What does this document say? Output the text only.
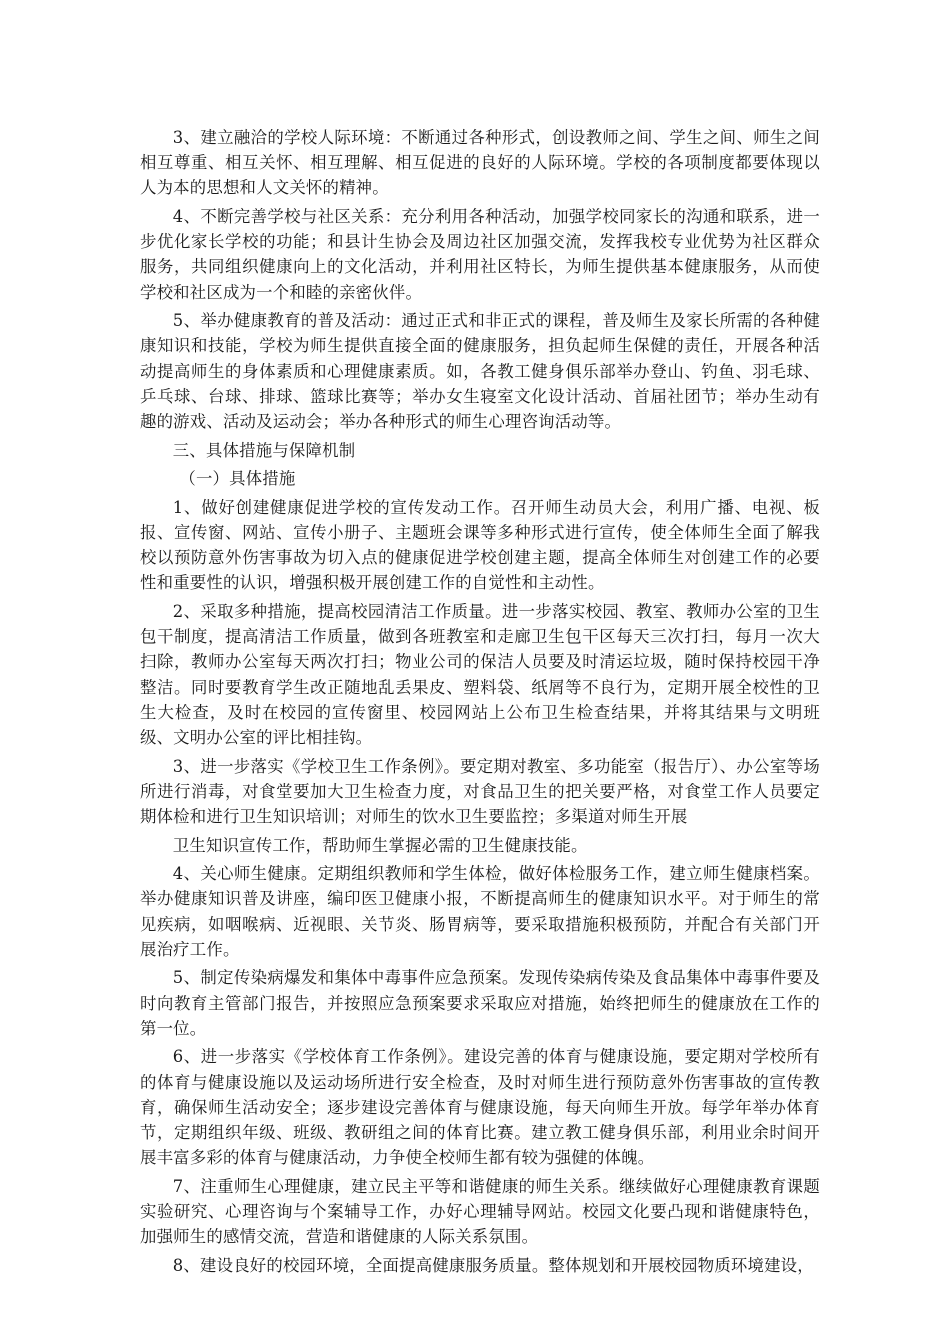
3、建立融洽的学校人际环境：不断通过各种形式，创设教师之间、学生之间、师生之间相互尊重、相互关怀、相互理解、相互促进的良好的人际环境。学校的各项制度都要体现以人为本的思想和人文关怀的精神。

4、不断完善学校与社区关系：充分利用各种活动，加强学校同家长的沟通和联系，进一步优化家长学校的功能；和县计生协会及周边社区加强交流，发挥我校专业优势为社区群众服务，共同组织健康向上的文化活动，并利用社区特长，为师生提供基本健康服务，从而使学校和社区成为一个和睦的亲密伙伴。

5、举办健康教育的普及活动：通过正式和非正式的课程，普及师生及家长所需的各种健康知识和技能，学校为师生提供直接全面的健康服务，担负起师生保健的责任，开展各种活动提高师生的身体素质和心理健康素质。如，各教工健身俱乐部举办登山、钓鱼、羽毛球、乒乓球、台球、排球、篮球比赛等；举办女生寝室文化设计活动、首届社团节；举办生动有趣的游戏、活动及运动会；举办各种形式的师生心理咨询活动等。

三、具体措施与保障机制

（一）具体措施

1、做好创建健康促进学校的宣传发动工作。召开师生动员大会，利用广播、电视、板报、宣传窗、网站、宣传小册子、主题班会课等多种形式进行宣传，使全体师生全面了解我校以预防意外伤害事故为切入点的健康促进学校创建主题，提高全体师生对创建工作的必要性和重要性的认识，增强积极开展创建工作的自觉性和主动性。

2、采取多种措施，提高校园清洁工作质量。进一步落实校园、教室、教师办公室的卫生包干制度，提高清洁工作质量，做到各班教室和走廊卫生包干区每天三次打扫，每月一次大扫除，教师办公室每天两次打扫；物业公司的保洁人员要及时清运垃圾，随时保持校园干净整洁。同时要教育学生改正随地乱丢果皮、塑料袋、纸屑等不良行为，定期开展全校性的卫生大检查，及时在校园的宣传窗里、校园网站上公布卫生检查结果，并将其结果与文明班级、文明办公室的评比相挂钩。

3、进一步落实《学校卫生工作条例》。要定期对教室、多功能室（报告厅）、办公室等场所进行消毒，对食堂要加大卫生检查力度，对食品卫生的把关要严格，对食堂工作人员要定期体检和进行卫生知识培训；对师生的饮水卫生要监控；多渠道对师生开展

卫生知识宣传工作，帮助师生掌握必需的卫生健康技能。

4、关心师生健康。定期组织教师和学生体检，做好体检服务工作，建立师生健康档案。举办健康知识普及讲座，编印医卫健康小报，不断提高师生的健康知识水平。对于师生的常见疾病，如咽喉病、近视眼、关节炎、肠胃病等，要采取措施积极预防，并配合有关部门开展治疗工作。

5、制定传染病爆发和集体中毒事件应急预案。发现传染病传染及食品集体中毒事件要及时向教育主管部门报告，并按照应急预案要求采取应对措施，始终把师生的健康放在工作的第一位。

6、进一步落实《学校体育工作条例》。建设完善的体育与健康设施，要定期对学校所有的体育与健康设施以及运动场所进行安全检查，及时对师生进行预防意外伤害事故的宣传教育，确保师生活动安全；逐步建设完善体育与健康设施，每天向师生开放。每学年举办体育节，定期组织年级、班级、教研组之间的体育比赛。建立教工健身俱乐部，利用业余时间开展丰富多彩的体育与健康活动，力争使全校师生都有较为强健的体魄。

7、注重师生心理健康，建立民主平等和谐健康的师生关系。继续做好心理健康教育课题实验研究、心理咨询与个案辅导工作，办好心理辅导网站。校园文化要凸现和谐健康特色，加强师生的感情交流，营造和谐健康的人际关系氛围。

8、建设良好的校园环境，全面提高健康服务质量。整体规划和开展校园物质环境建设，
